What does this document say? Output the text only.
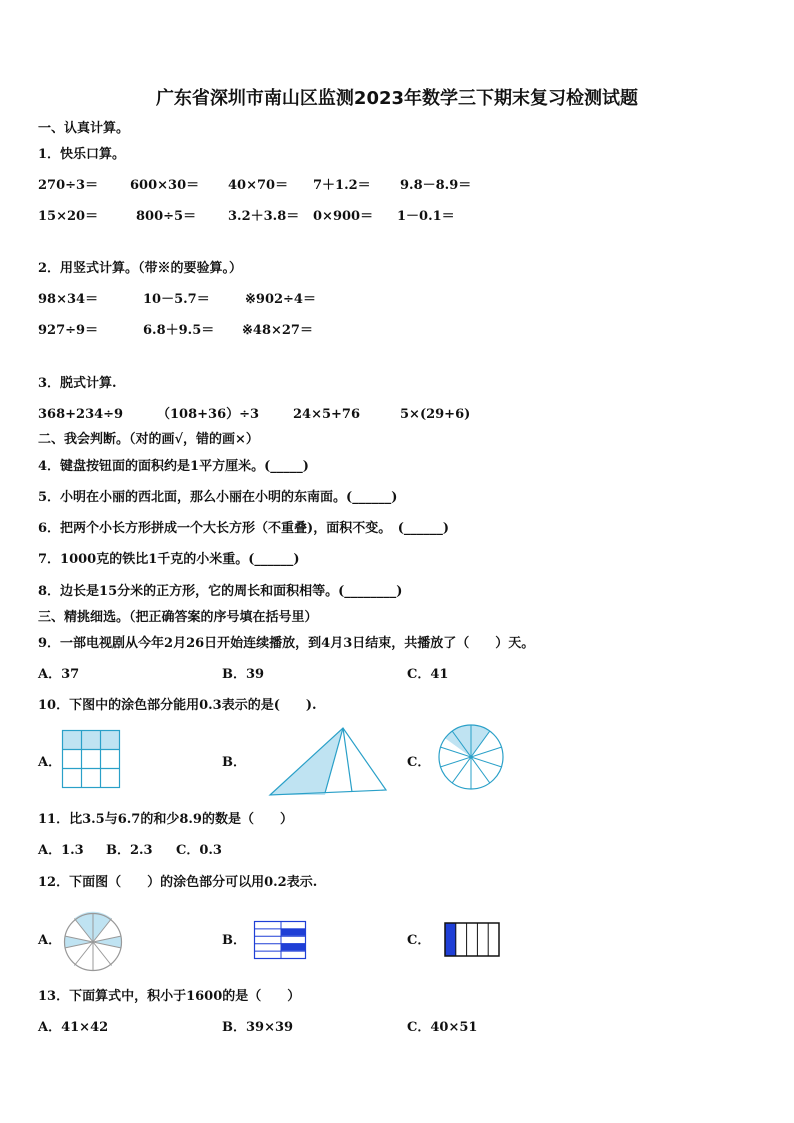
广东省深圳市南山区监测2023年数学三下期末复习检测试题
一、认真计算。
1．快乐口算。
270÷3＝ 600×30＝ 40×70＝ 7＋1.2＝ 9.8－8.9＝
15×20＝	800÷5＝ 3.2＋3.8＝ 0×900＝ 1－0.1＝
2．用竖式计算。（带※的要验算。）
98×34＝	10－5.7＝	※902÷4＝
927÷9＝	6.8＋9.5＝ ※48×27＝
3．脱式计算.
368+234÷9	（108+36）÷3	24×5+76	5×(29+6)
二、我会判断。（对的画√，错的画×）
4．键盘按钮面的面积约是1平方厘米。(_____)
5．小明在小丽的西北面，那么小丽在小明的东南面。(______)
6．把两个小长方形拼成一个大长方形（不重叠)，面积不变。　(______)
7．1000克的铁比1千克的小米重。(______)
8．边长是15分米的正方形，它的周长和面积相等。(________)
三、精挑细选。（把正确答案的序号填在括号里）
9．一部电视剧从今年2月26日开始连续播放，到4月3日结束，共播放了（　　）天。
A．37	B．39	C．41
10．下图中的涂色部分能用0.3表示的是(　　).
A．	B．	C．
11．比3.5与6.7的和少8.9的数是（　　）
A．1.3 B．2.3 C．0.3
12．下面图（　　）的涂色部分可以用0.2表示.
A．	B．	C．
13．下面算式中，积小于1600的是（　　）
A．41×42	B．39×39	C．40×51
